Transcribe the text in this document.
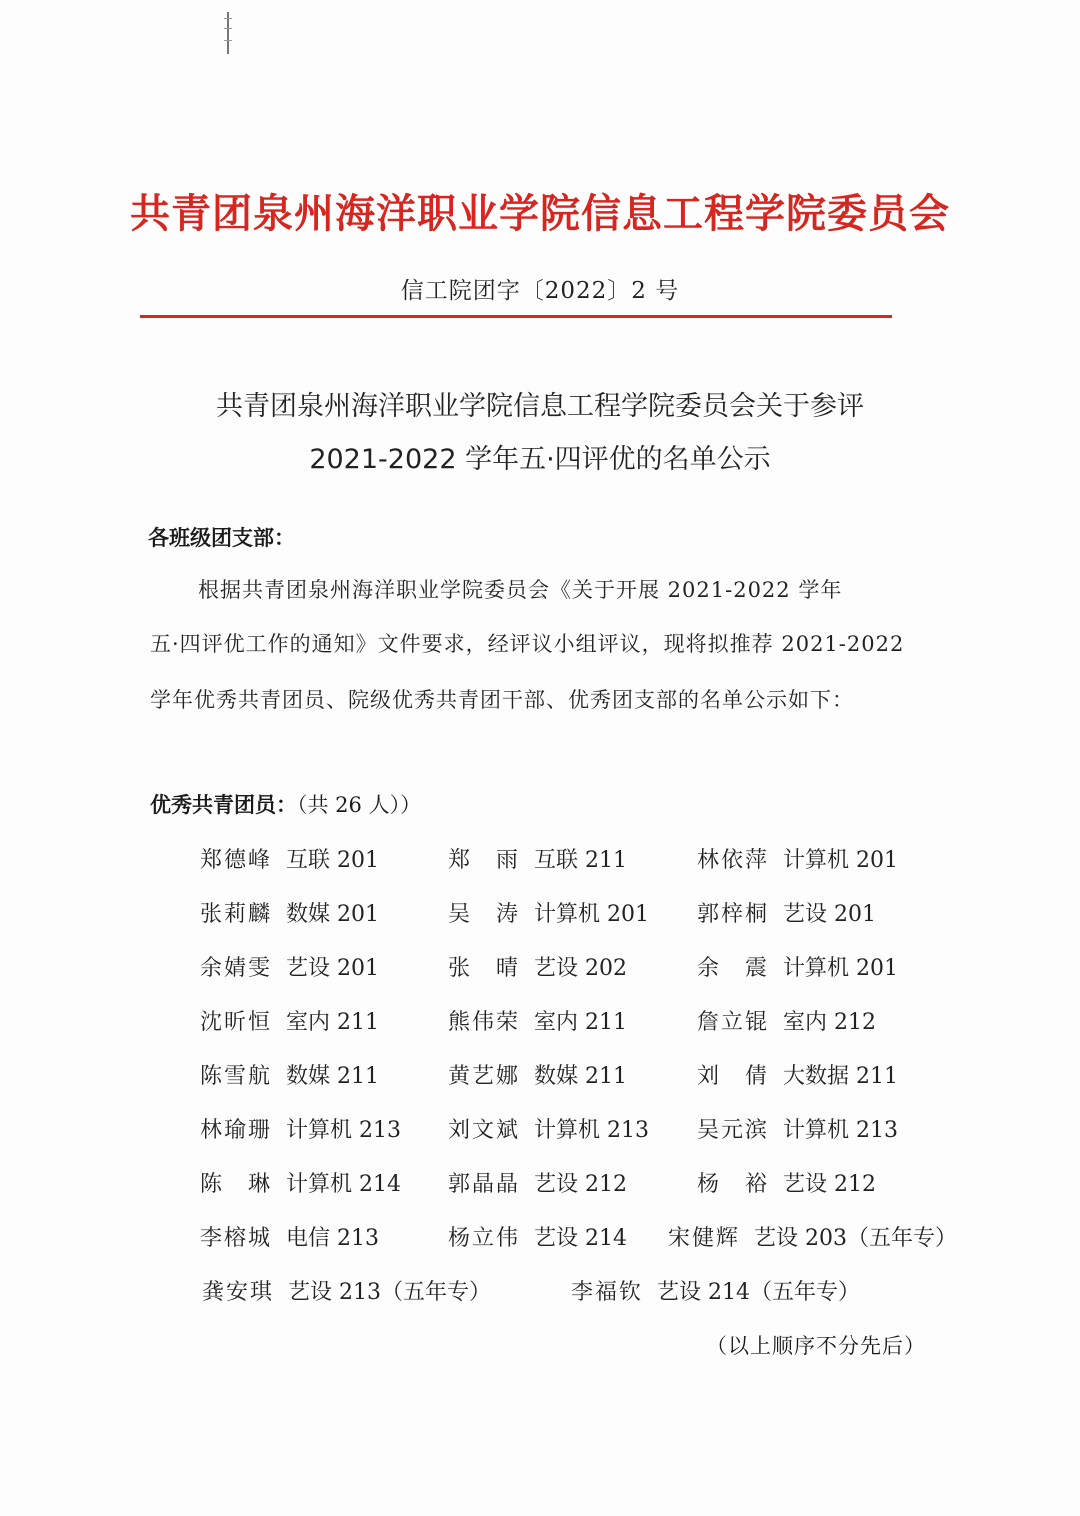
共青团泉州海洋职业学院信息工程学院委员会
信工院团字〔2022〕2 号
共青团泉州海洋职业学院信息工程学院委员会关于参评
2021-2022 学年五·四评优的名单公示
各班级团支部：
根据共青团泉州海洋职业学院委员会《关于开展 2021-2022 学年
五·四评优工作的通知》文件要求，经评议小组评议，现将拟推荐 2021-2022
学年优秀共青团员、院级优秀共青团干部、优秀团支部的名单公示如下：
优秀共青团员：（共 26 人））
郑德峰 互联 201	郑　雨 互联 211	林依萍 计算机 201
张莉麟 数媒 201	吴　涛 计算机 201 郭梓桐 艺设 201
余婧雯 艺设 201	张　晴 艺设 202	余　震 计算机 201
沈昕恒 室内 211	熊伟荣 室内 211	詹立锟 室内 212
陈雪航 数媒 211	黄艺娜 数媒 211	刘　倩 大数据 211
林瑜珊 计算机 213 刘文斌 计算机 213 吴元滨 计算机 213
陈　琳 计算机 214 郭晶晶 艺设 212	杨　裕 艺设 212
李榕城 电信 213	杨立伟 艺设 214 宋健辉 艺设 203（五年专）
龚安琪 艺设 213（五年专）	李福钦 艺设 214（五年专）
（以上顺序不分先后）
